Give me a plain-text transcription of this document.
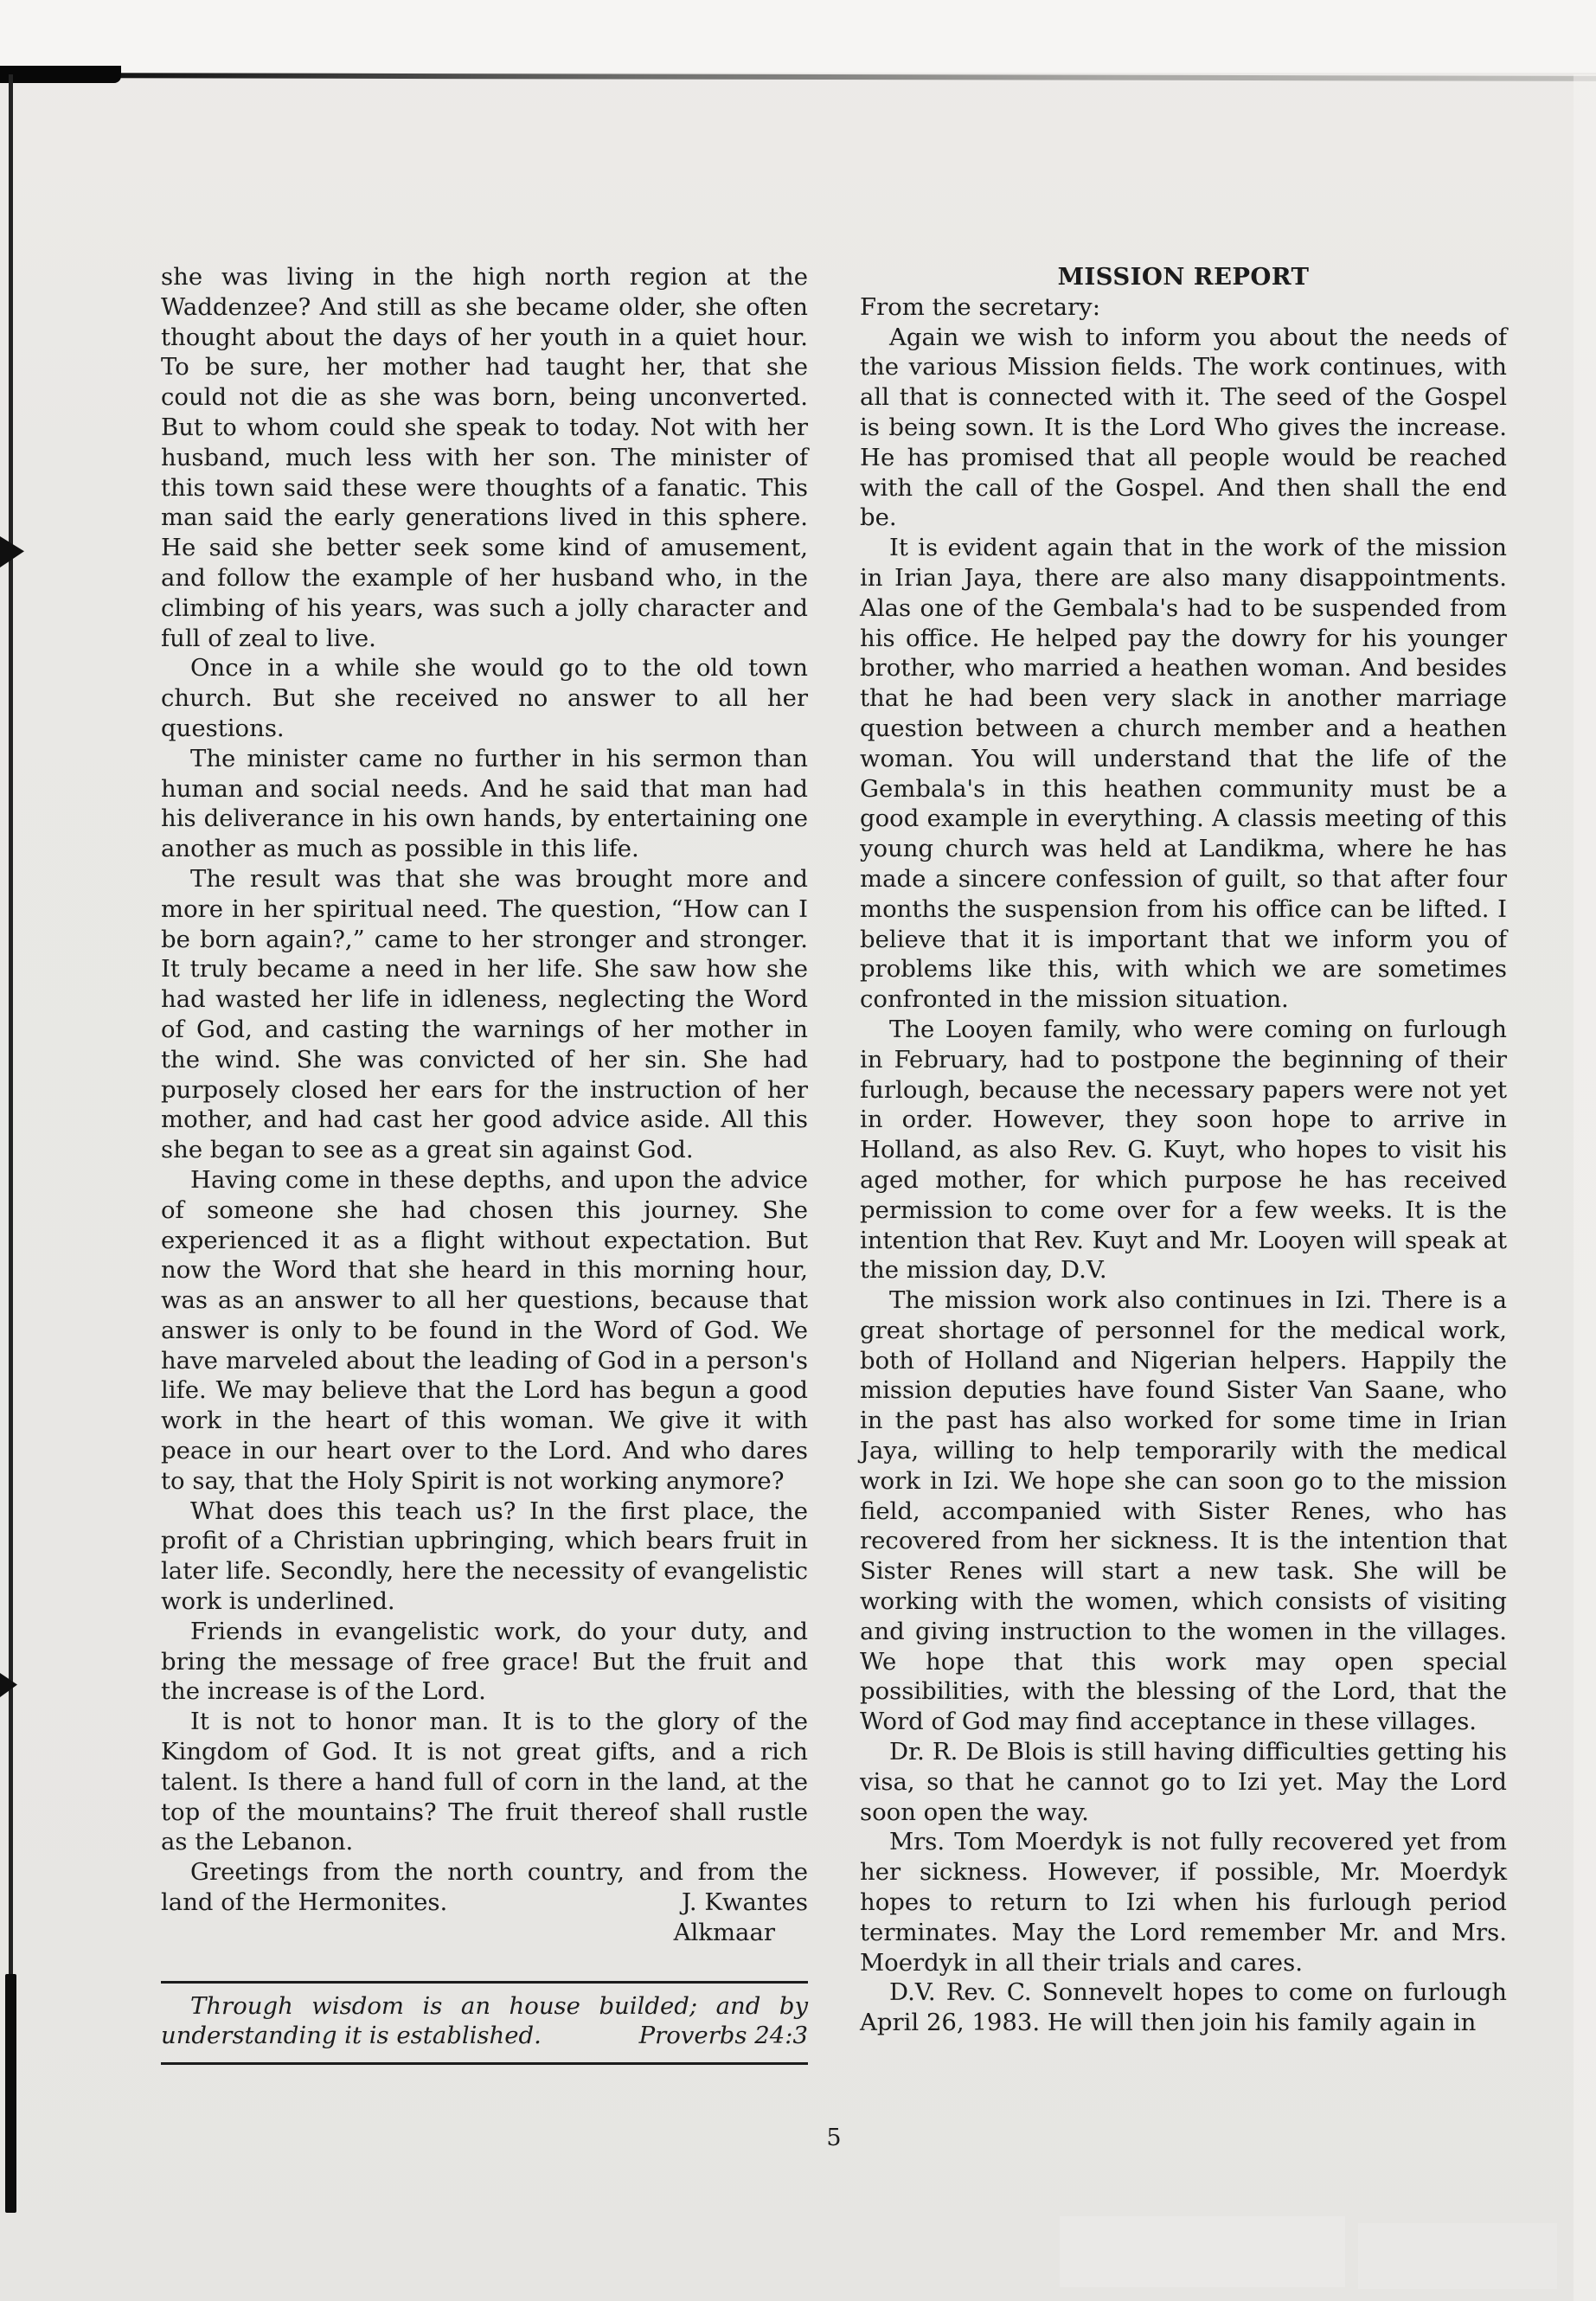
she was living in the high north region at the Waddenzee? And still as she became older, she often thought about the days of her youth in a quiet hour. To be sure, her mother had taught her, that she could not die as she was born, being unconverted. But to whom could she speak to today. Not with her husband, much less with her son. The minister of this town said these were thoughts of a fanatic. This man said the early generations lived in this sphere. He said she better seek some kind of amusement, and follow the example of her husband who, in the climbing of his years, was such a jolly character and full of zeal to live.

Once in a while she would go to the old town church. But she received no answer to all her questions.

The minister came no further in his sermon than human and social needs. And he said that man had his deliverance in his own hands, by entertaining one another as much as possible in this life.

The result was that she was brought more and more in her spiritual need. The question, “How can I be born again?,” came to her stronger and stronger. It truly became a need in her life. She saw how she had wasted her life in idleness, neglecting the Word of God, and casting the warnings of her mother in the wind. She was convicted of her sin. She had purposely closed her ears for the instruction of her mother, and had cast her good advice aside. All this she began to see as a great sin against God.

Having come in these depths, and upon the advice of someone she had chosen this journey. She experienced it as a flight without expectation. But now the Word that she heard in this morning hour, was as an answer to all her questions, because that answer is only to be found in the Word of God. We have marveled about the leading of God in a person's life. We may believe that the Lord has begun a good work in the heart of this woman. We give it with peace in our heart over to the Lord. And who dares to say, that the Holy Spirit is not working anymore?

What does this teach us? In the first place, the profit of a Christian upbringing, which bears fruit in later life. Secondly, here the necessity of evangelistic work is underlined.

Friends in evangelistic work, do your duty, and bring the message of free grace! But the fruit and the increase is of the Lord.

It is not to honor man. It is to the glory of the Kingdom of God. It is not great gifts, and a rich talent. Is there a hand full of corn in the land, at the top of the mountains? The fruit thereof shall rustle as the Lebanon.

Greetings from the north country, and from the land of the Hermonites.	J. Kwantes

Alkmaar

Through wisdom is an house builded; and by understanding it is established.	Proverbs 24:3

MISSION REPORT

From the secretary:

Again we wish to inform you about the needs of the various Mission fields. The work continues, with all that is connected with it. The seed of the Gospel is being sown. It is the Lord Who gives the increase. He has promised that all people would be reached with the call of the Gospel. And then shall the end be.

It is evident again that in the work of the mission in Irian Jaya, there are also many disappointments. Alas one of the Gembala's had to be suspended from his office. He helped pay the dowry for his younger brother, who married a heathen woman. And besides that he had been very slack in another marriage question between a church member and a heathen woman. You will understand that the life of the Gembala's in this heathen community must be a good example in everything. A classis meeting of this young church was held at Landikma, where he has made a sincere confession of guilt, so that after four months the suspension from his office can be lifted. I believe that it is important that we inform you of problems like this, with which we are sometimes confronted in the mission situation.

The Looyen family, who were coming on furlough in February, had to postpone the beginning of their furlough, because the necessary papers were not yet in order. However, they soon hope to arrive in Holland, as also Rev. G. Kuyt, who hopes to visit his aged mother, for which purpose he has received permission to come over for a few weeks. It is the intention that Rev. Kuyt and Mr. Looyen will speak at the mission day, D.V.

The mission work also continues in Izi. There is a great shortage of personnel for the medical work, both of Holland and Nigerian helpers. Happily the mission deputies have found Sister Van Saane, who in the past has also worked for some time in Irian Jaya, willing to help temporarily with the medical work in Izi. We hope she can soon go to the mission field, accompanied with Sister Renes, who has recovered from her sickness. It is the intention that Sister Renes will start a new task. She will be working with the women, which consists of visiting and giving instruction to the women in the villages. We hope that this work may open special possibilities, with the blessing of the Lord, that the Word of God may find acceptance in these villages.

Dr. R. De Blois is still having difficulties getting his visa, so that he cannot go to Izi yet. May the Lord soon open the way.

Mrs. Tom Moerdyk is not fully recovered yet from her sickness. However, if possible, Mr. Moerdyk hopes to return to Izi when his furlough period terminates. May the Lord remember Mr. and Mrs. Moerdyk in all their trials and cares.

D.V. Rev. C. Sonnevelt hopes to come on furlough April 26, 1983. He will then join his family again in

5
